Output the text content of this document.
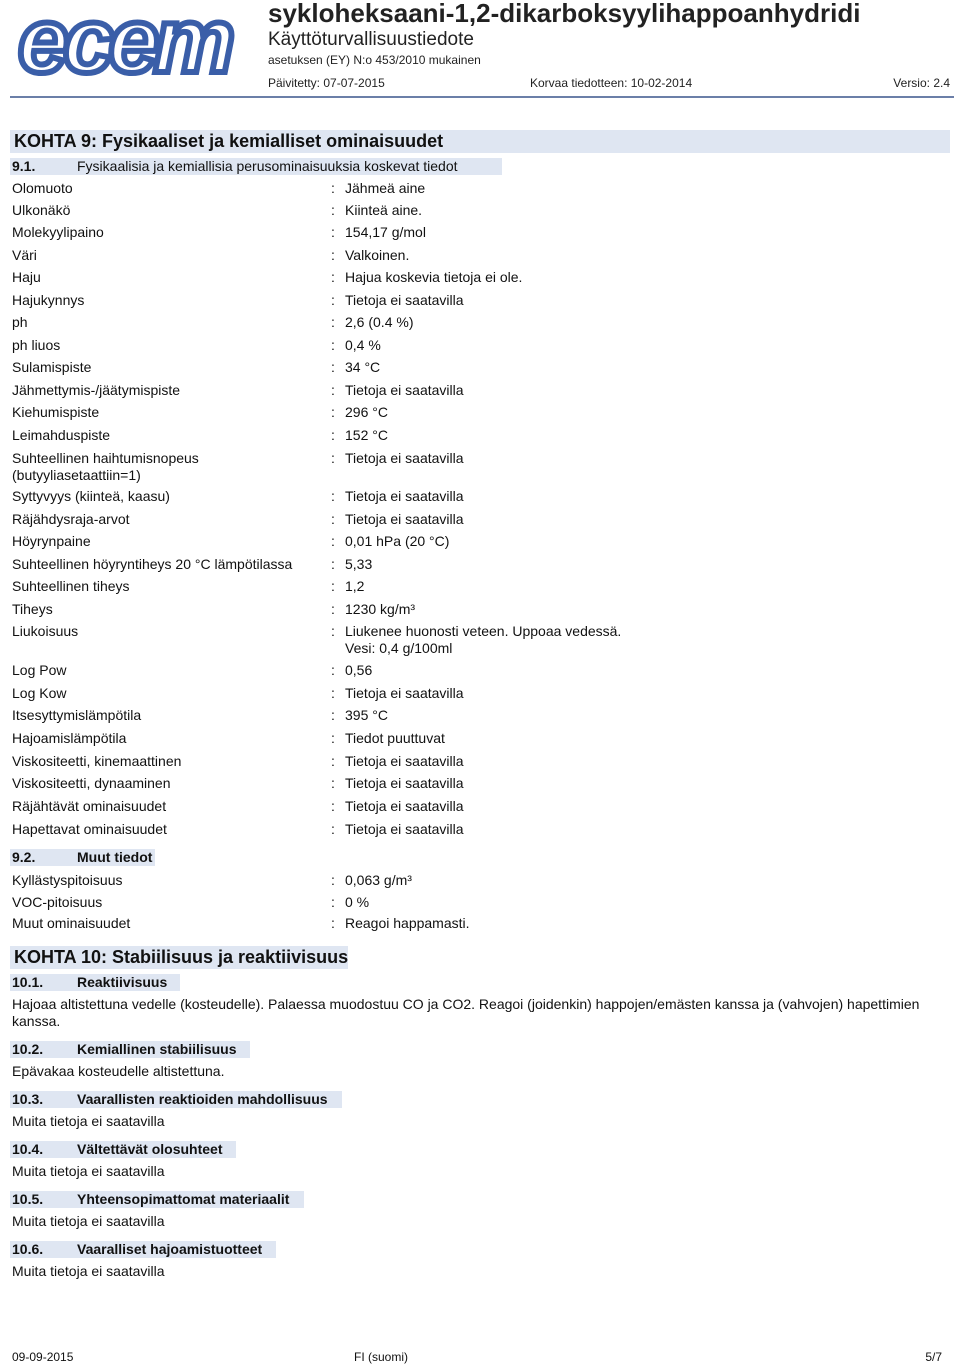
ecem sykloheksaani-1,2-dikarboksyylihappoanhydridi
Käyttöturvallisuustiedote
asetuksen (EY) N:o 453/2010 mukainen
Päivitetty: 07-07-2015	Korvaa tiedotteen: 10-02-2014	Versio: 2.4
KOHTA 9: Fysikaaliset ja kemialliset ominaisuudet
9.1.	Fysikaalisia ja kemiallisia perusominaisuuksia koskevat tiedot
Olomuoto	: Jähmeä aine
Ulkonäkö	: Kiinteä aine.
Molekyylipaino	: 154,17 g/mol
Väri	: Valkoinen.
Haju	: Hajua koskevia tietoja ei ole.
Hajukynnys	: Tietoja ei saatavilla
ph	: 2,6 (0.4 %)
ph liuos	: 0,4 %
Sulamispiste	: 34 °C
Jähmettymis-/jäätymispiste	: Tietoja ei saatavilla
Kiehumispiste	: 296 °C
Leimahduspiste	: 152 °C
Suhteellinen haihtumisnopeus
(butyyliasetaattiin=1)
: Tietoja ei saatavilla
Syttyvyys (kiinteä, kaasu)	: Tietoja ei saatavilla
Räjähdysraja-arvot	: Tietoja ei saatavilla
Höyrynpaine	: 0,01 hPa (20 °C)
Suhteellinen höyryntiheys 20 °C lämpötilassa	: 5,33
Suhteellinen tiheys	: 1,2
Tiheys	: 1230 kg/m³
Liukoisuus	: Liukenee huonosti veteen. Uppoaa vedessä.
Vesi: 0,4 g/100ml
Log Pow	: 0,56
Log Kow	: Tietoja ei saatavilla
Itsesyttymislämpötila	: 395 °C
Hajoamislämpötila	: Tiedot puuttuvat
Viskositeetti, kinemaattinen	: Tietoja ei saatavilla
Viskositeetti, dynaaminen	: Tietoja ei saatavilla
Räjähtävät ominaisuudet	: Tietoja ei saatavilla
Hapettavat ominaisuudet	: Tietoja ei saatavilla
9.2.	Muut tiedot
Kyllästyspitoisuus	: 0,063 g/m³
VOC-pitoisuus	: 0 %
Muut ominaisuudet	: Reagoi happamasti.
KOHTA 10: Stabiilisuus ja reaktiivisuus
10.1. Reaktiivisuus
Hajoaa altistettuna vedelle (kosteudelle). Palaessa muodostuu CO ja CO2. Reagoi (joidenkin) happojen/emästen kanssa ja (vahvojen) hapettimien kanssa.
10.2. Kemiallinen stabiilisuus
Epävakaa kosteudelle altistettuna.
10.3. Vaarallisten reaktioiden mahdollisuus
Muita tietoja ei saatavilla
10.4. Vältettävät olosuhteet
Muita tietoja ei saatavilla
10.5. Yhteensopimattomat materiaalit
Muita tietoja ei saatavilla
10.6. Vaaralliset hajoamistuotteet
Muita tietoja ei saatavilla
09-09-2015	FI (suomi)	5/7
